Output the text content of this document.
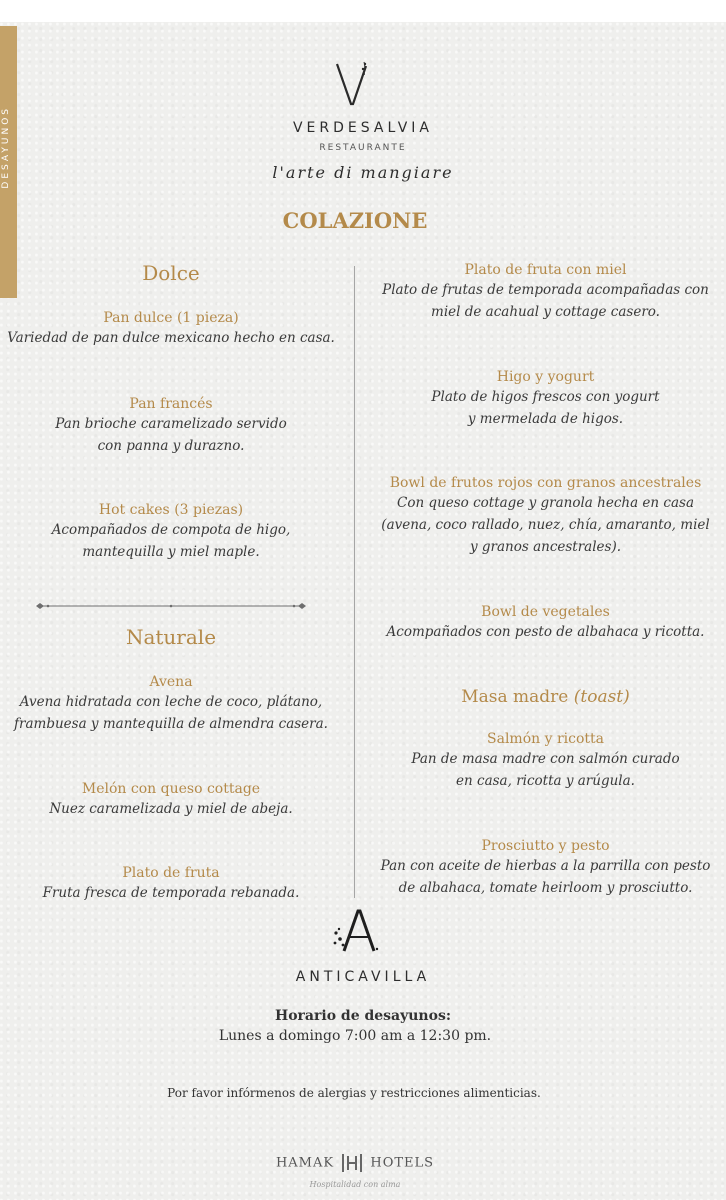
DESAYUNOS	VERDESALVIA
RESTAURANTE
l'arte di mangiare
COLAZIONE
Dolce
Pan dulce (1 pieza)
Variedad de pan dulce mexicano hecho en casa.
Pan francés
Pan brioche caramelizado servido
con panna y durazno.
Hot cakes (3 piezas)
Acompañados de compota de higo,
mantequilla y miel maple.
Naturale
Avena
Avena hidratada con leche de coco, plátano,
frambuesa y mantequilla de almendra casera.
Melón con queso cottage
Nuez caramelizada y miel de abeja.
Plato de fruta
Fruta fresca de temporada rebanada.
Plato de fruta con miel
Plato de frutas de temporada acompañadas con
miel de acahual y cottage casero.
Higo y yogurt
Plato de higos frescos con yogurt
y mermelada de higos.
Bowl de frutos rojos con granos ancestrales
Con queso cottage y granola hecha en casa
(avena, coco rallado, nuez, chía, amaranto, miel
y granos ancestrales).
Bowl de vegetales
Acompañados con pesto de albahaca y ricotta.
Masa madre (toast)
Salmón y ricotta
Pan de masa madre con salmón curado
en casa, ricotta y arúgula.
Prosciutto y pesto
Pan con aceite de hierbas a la parrilla con pesto
de albahaca, tomate heirloom y prosciutto.
ANTICAVILLA
Horario de desayunos:
Lunes a domingo 7:00 am a 12:30 pm.
Por favor infórmenos de alergias y restricciones alimenticias.
HAMAK	HOTELS
Hospitalidad con alma
